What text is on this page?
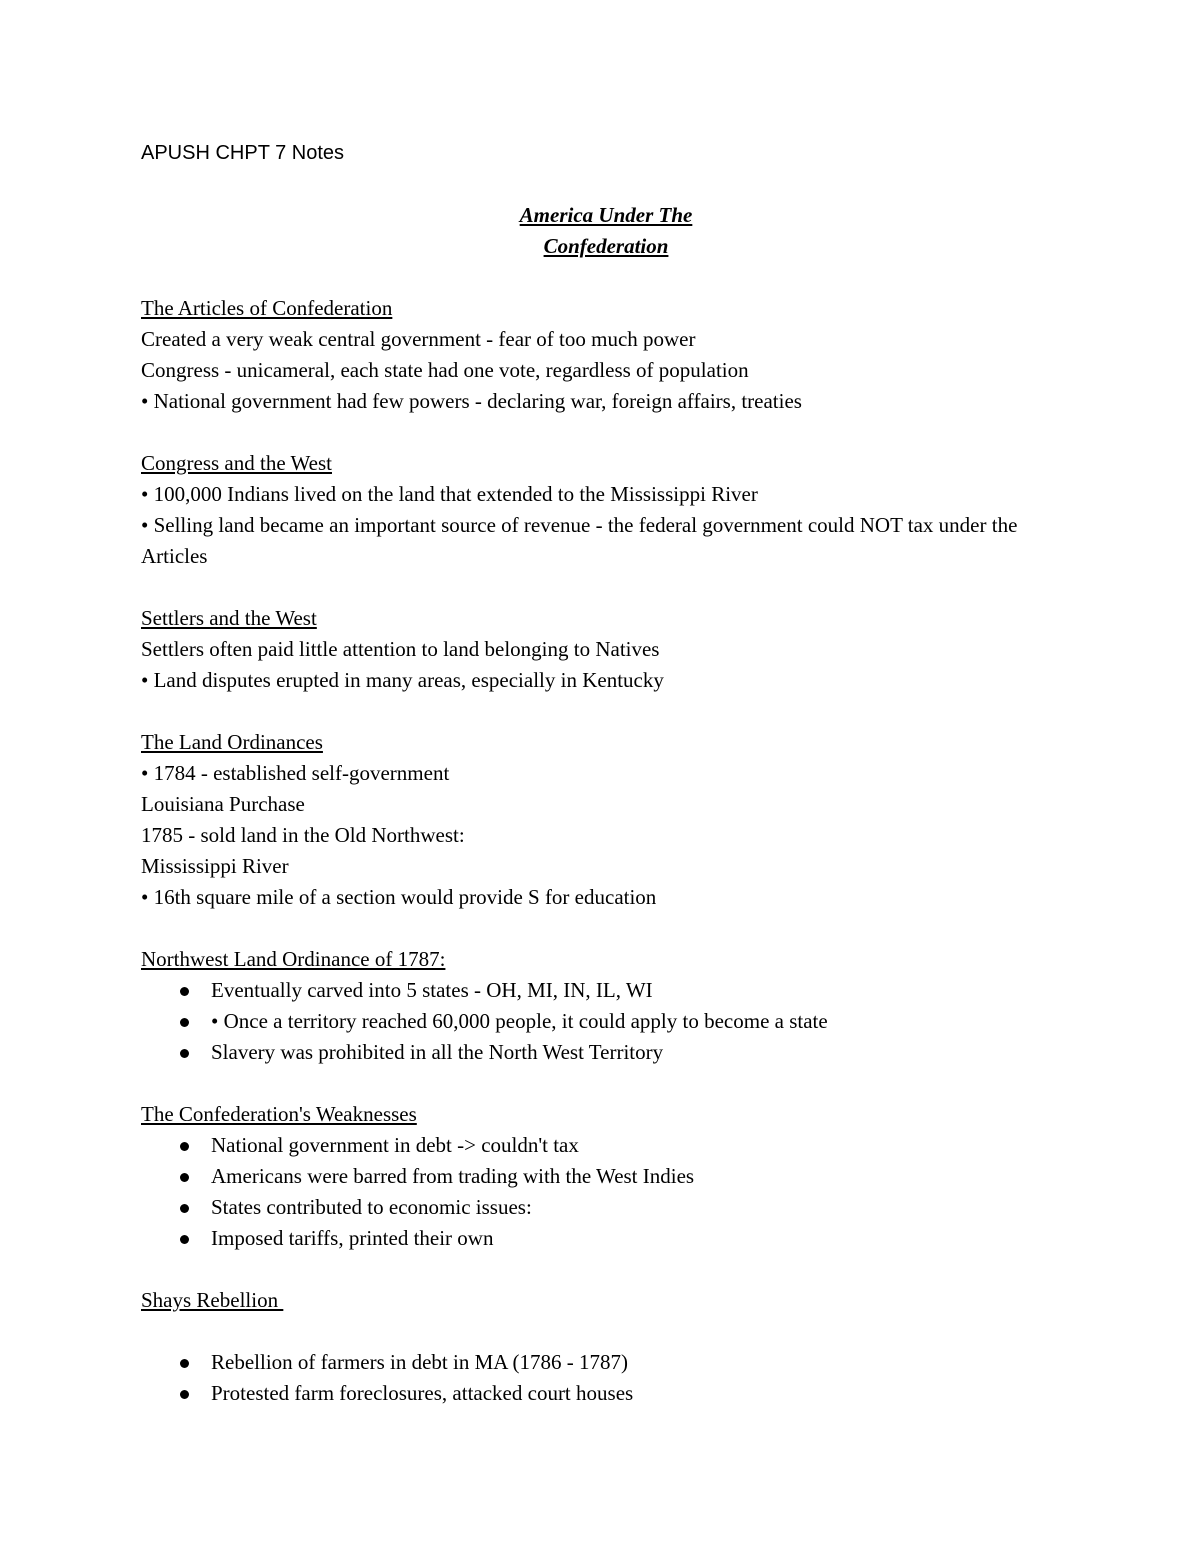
APUSH CHPT 7 Notes
America Under The
Confederation
The Articles of Confederation
Created a very weak central government - fear of too much power
Congress - unicameral, each state had one vote, regardless of population
• National government had few powers - declaring war, foreign affairs, treaties
Congress and the West
• 100,000 Indians lived on the land that extended to the Mississippi River
• Selling land became an important source of revenue - the federal government could NOT tax under the Articles
Settlers and the West
Settlers often paid little attention to land belonging to Natives
• Land disputes erupted in many areas, especially in Kentucky
The Land Ordinances
• 1784 - established self-government
Louisiana Purchase
1785 - sold land in the Old Northwest:
Mississippi River
• 16th square mile of a section would provide S for education
Northwest Land Ordinance of 1787:
Eventually carved into 5 states - OH, MI, IN, IL, WI
• Once a territory reached 60,000 people, it could apply to become a state
Slavery was prohibited in all the North West Territory
The Confederation's Weaknesses
National government in debt -> couldn't tax
Americans were barred from trading with the West Indies
States contributed to economic issues:
Imposed tariffs, printed their own
Shays Rebellion
Rebellion of farmers in debt in MA (1786 - 1787)
Protested farm foreclosures, attacked court houses
